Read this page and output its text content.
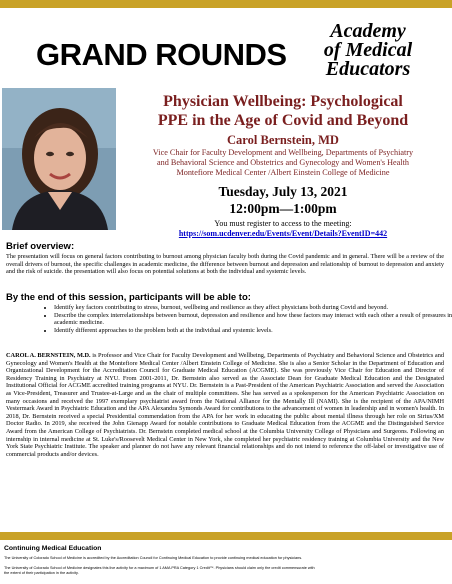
GRAND ROUNDS
Academy
of Medical
Educators
Physician Wellbeing: Psychological
PPE in the Age of Covid and Beyond
Carol Bernstein, MD
Vice Chair for Faculty Development and Wellbeing, Departments of Psychiatry
and Behavioral Science and Obstetrics and Gynecology and Women's Health
Montefiore Medical Center /Albert Einstein College of Medicine
Tuesday, July 13, 2021
12:00pm—1:00pm
You must register to access to the meeting:
https://som.ucdenver.edu/Events/Event/Details?EventID=442
Brief overview:
The presentation will focus on general factors contributing to burnout among physician faculty both during the Covid pandemic and in general. There will be a review of the overall drivers of burnout, the specific challenges in academic medicine, the difference between burnout and depression and relationship of burnout to depression and anxiety and the risk of suicide. the presentation will also focus on potential solutions at both the individual and systemic levels.
By the end of this session, participants will be able to:
• Identify key factors contributing to stress, burnout, wellbeing and resilience as they affect physicians both during Covid and beyond.
• Describe the complex interrelationships between burnout, depression and resilience and how these factors may interact with each other a result of pressures in academic medicine.
• Identify different approaches to the problem both at the individual and systemic levels.
CAROL A. BERNSTEIN, M.D. is Professor and Vice Chair for Faculty Development and Wellbeing, Departments of Psychiatry and Behavioral Science and Obstetrics and Gynecology and Women's Health at the Montefiore Medical Center /Albert Einstein College of Medicine. She is also a Senior Scholar in the Department of Education and Organizational Development for the Accreditation Council for Graduate Medical Education (ACGME). She was previously Vice Chair for Education and Director of Residency Training in Psychiatry at NYU. From 2001-2011, Dr. Bernstein also served as the Associate Dean for Graduate Medical Education and the Designated Institutional Official for ACGME accredited training programs at NYU. Dr. Bernstein is a Past-President of the American Psychiatric Association and served the Association as Vice-President, Treasurer and Trustee-at-Large and as the chair of multiple committees. She has served as a spokesperson for the American Psychiatric Association on many occasions and received the 1997 exemplary psychiatrist award from the National Alliance for the Mentally Ill (NAMI). She is the recipient of the APA/NIMH Vestermark Award in Psychiatric Education and the APA Alexandra Symonds Award for contributions to the advancement of women in leadership and in women's health. In 2018, Dr. Bernstein received a special Presidential commendation from the APA for her work in educating the public about mental illness through her role on Sirius/XM Doctor Radio. In 2019, she received the John Gienapp Award for notable contributions to Graduate Medical Education from the ACGME and the Distinguished Service Award from the American College of Psychiatrists. Dr. Bernstein completed medical school at the Columbia University College of Physicians and Surgeons. Following an internship in internal medicine at St. Luke's/Roosevelt Medical Center in New York, she completed her psychiatric residency training at Columbia University and the New York State Psychiatric Institute. The speaker and planner do not have any relevant financial relationships and do not intend to reference the off-label or investigative use of commercial products and/or devices.
Continuing Medical Education
The University of Colorado School of Medicine is accredited by the Accreditation Council for Continuing Medical Education to provide continuing medical education for physicians.
The University of Colorado School of Medicine designates this live activity for a maximum of 1 AMA PRA Category 1 Credit™. Physicians should claim only the credit commensurate with
the extent of their participation in the activity.
